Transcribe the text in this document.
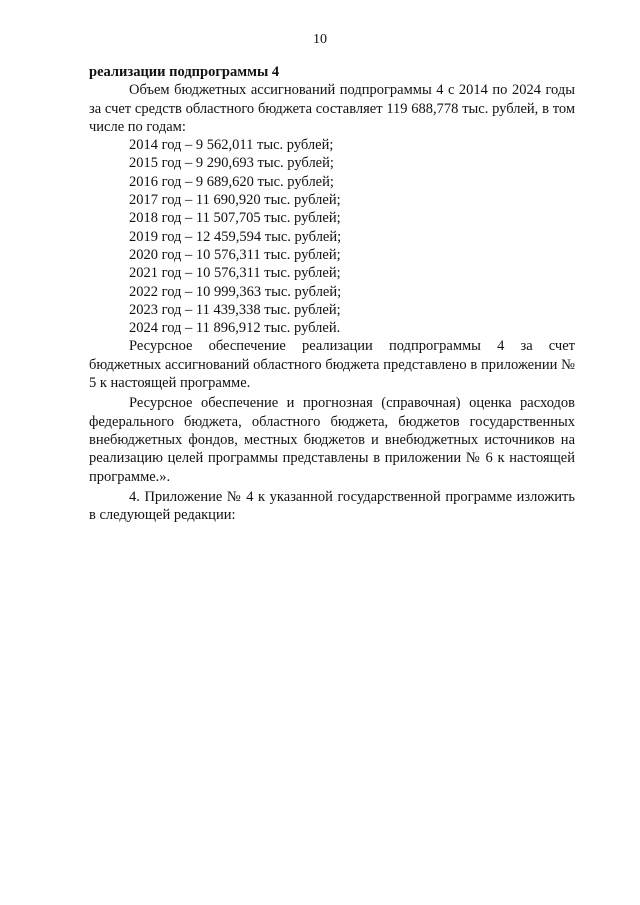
10

реализации подпрограммы 4

Объем бюджетных ассигнований подпрограммы 4 с 2014 по 2024 годы за счет средств областного бюджета составляет 119 688,778 тыс. рублей, в том числе по годам:

2014 год – 9 562,011 тыс. рублей;
2015 год – 9 290,693 тыс. рублей;
2016 год – 9 689,620 тыс. рублей;
2017 год – 11 690,920 тыс. рублей;
2018 год – 11 507,705 тыс. рублей;
2019 год – 12 459,594 тыс. рублей;
2020 год – 10 576,311 тыс. рублей;
2021 год – 10 576,311 тыс. рублей;
2022 год – 10 999,363 тыс. рублей;
2023 год – 11 439,338 тыс. рублей;
2024 год – 11 896,912 тыс. рублей.

Ресурсное обеспечение реализации подпрограммы 4 за счет бюджетных ассигнований областного бюджета представлено в приложении № 5 к настоящей программе.

Ресурсное обеспечение и прогнозная (справочная) оценка расходов федерального бюджета, областного бюджета, бюджетов государственных внебюджетных фондов, местных бюджетов и внебюджетных источников на реализацию целей программы представлены в приложении № 6 к настоящей программе.».

4. Приложение № 4 к указанной государственной программе изложить в следующей редакции:
